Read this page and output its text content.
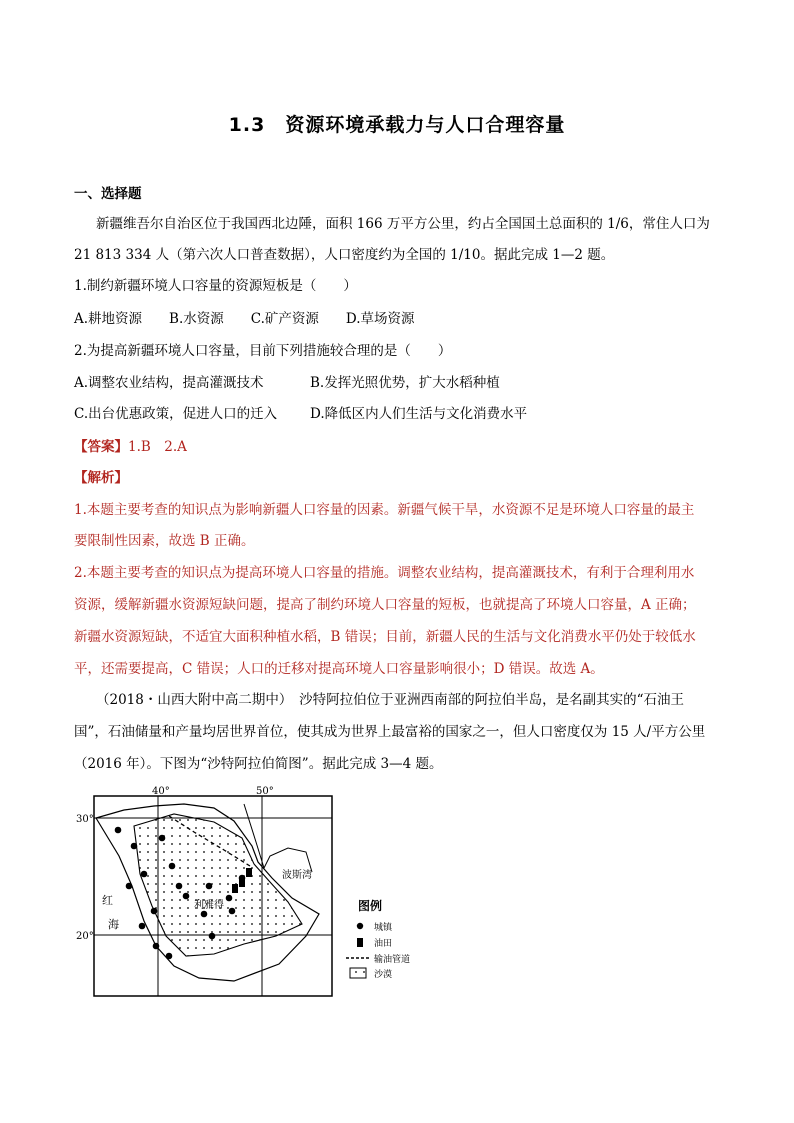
1.3　资源环境承载力与人口合理容量
一、选择题
新疆维吾尔自治区位于我国西北边陲，面积 166 万平方公里，约占全国国土总面积的 1/6，常住人口为
21 813 334 人（第六次人口普查数据），人口密度约为全国的 1/10。据此完成 1—2 题。
1.制约新疆环境人口容量的资源短板是（　　）
A.耕地资源　　B.水资源　　C.矿产资源　　D.草场资源
2.为提高新疆环境人口容量，目前下列措施较合理的是（　　）
A.调整农业结构，提高灌溉技术	B.发挥光照优势，扩大水稻种植
C.出台优惠政策，促进人口的迁入	D.降低区内人们生活与文化消费水平
【答案】1.B　2.A
【解析】
1.本题主要考查的知识点为影响新疆人口容量的因素。新疆气候干旱，水资源不足是环境人口容量的最主
要限制性因素，故选 B 正确。
2.本题主要考查的知识点为提高环境人口容量的措施。调整农业结构，提高灌溉技术，有利于合理利用水
资源，缓解新疆水资源短缺问题，提高了制约环境人口容量的短板，也就提高了环境人口容量，A 正确；
新疆水资源短缺，不适宜大面积种植水稻，B 错误；目前，新疆人民的生活与文化消费水平仍处于较低水
平，还需要提高，C 错误；人口的迁移对提高环境人口容量影响很小；D 错误。故选 A。
（2018・山西大附中高二期中）　沙特阿拉伯位于亚洲西南部的阿拉伯半岛，是名副其实的“石油王
国”，石油储量和产量均居世界首位，使其成为世界上最富裕的国家之一，但人口密度仅为 15 人/平方公里
（2016 年）。下图为“沙特阿拉伯简图”。据此完成 3—4 题。
40°	50°
30°
20°
红
海
波斯湾
利雅得	图例
城镇
油田
输油管道
沙漠
